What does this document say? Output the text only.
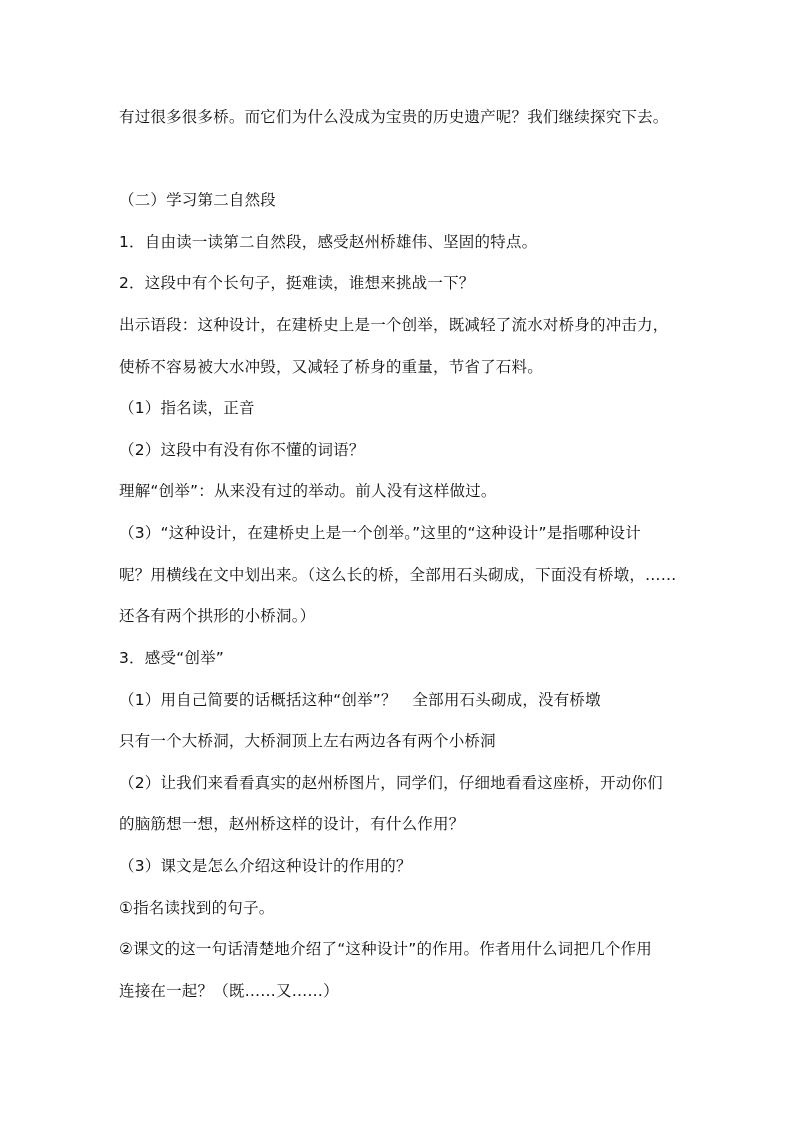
有过很多很多桥。而它们为什么没成为宝贵的历史遗产呢？我们继续探究下去。
（二）学习第二自然段
1．自由读一读第二自然段，感受赵州桥雄伟、坚固的特点。
2．这段中有个长句子，挺难读，谁想来挑战一下？
出示语段：这种设计，在建桥史上是一个创举，既减轻了流水对桥身的冲击力，
使桥不容易被大水冲毁，又减轻了桥身的重量，节省了石料。
（1）指名读，正音
（2）这段中有没有你不懂的词语？
理解“创举”：从来没有过的举动。前人没有这样做过。
（3）“这种设计，在建桥史上是一个创举。”这里的“这种设计”是指哪种设计
呢？用横线在文中划出来。（这么长的桥，全部用石头砌成，下面没有桥墩，……
还各有两个拱形的小桥洞。）
3．感受“创举”
（1）用自己简要的话概括这种“创举”？　全部用石头砌成，没有桥墩
只有一个大桥洞，大桥洞顶上左右两边各有两个小桥洞
（2）让我们来看看真实的赵州桥图片，同学们，仔细地看看这座桥，开动你们
的脑筋想一想，赵州桥这样的设计，有什么作用？
（3）课文是怎么介绍这种设计的作用的？
①指名读找到的句子。
②课文的这一句话清楚地介绍了“这种设计”的作用。作者用什么词把几个作用
连接在一起？（既……又……）
